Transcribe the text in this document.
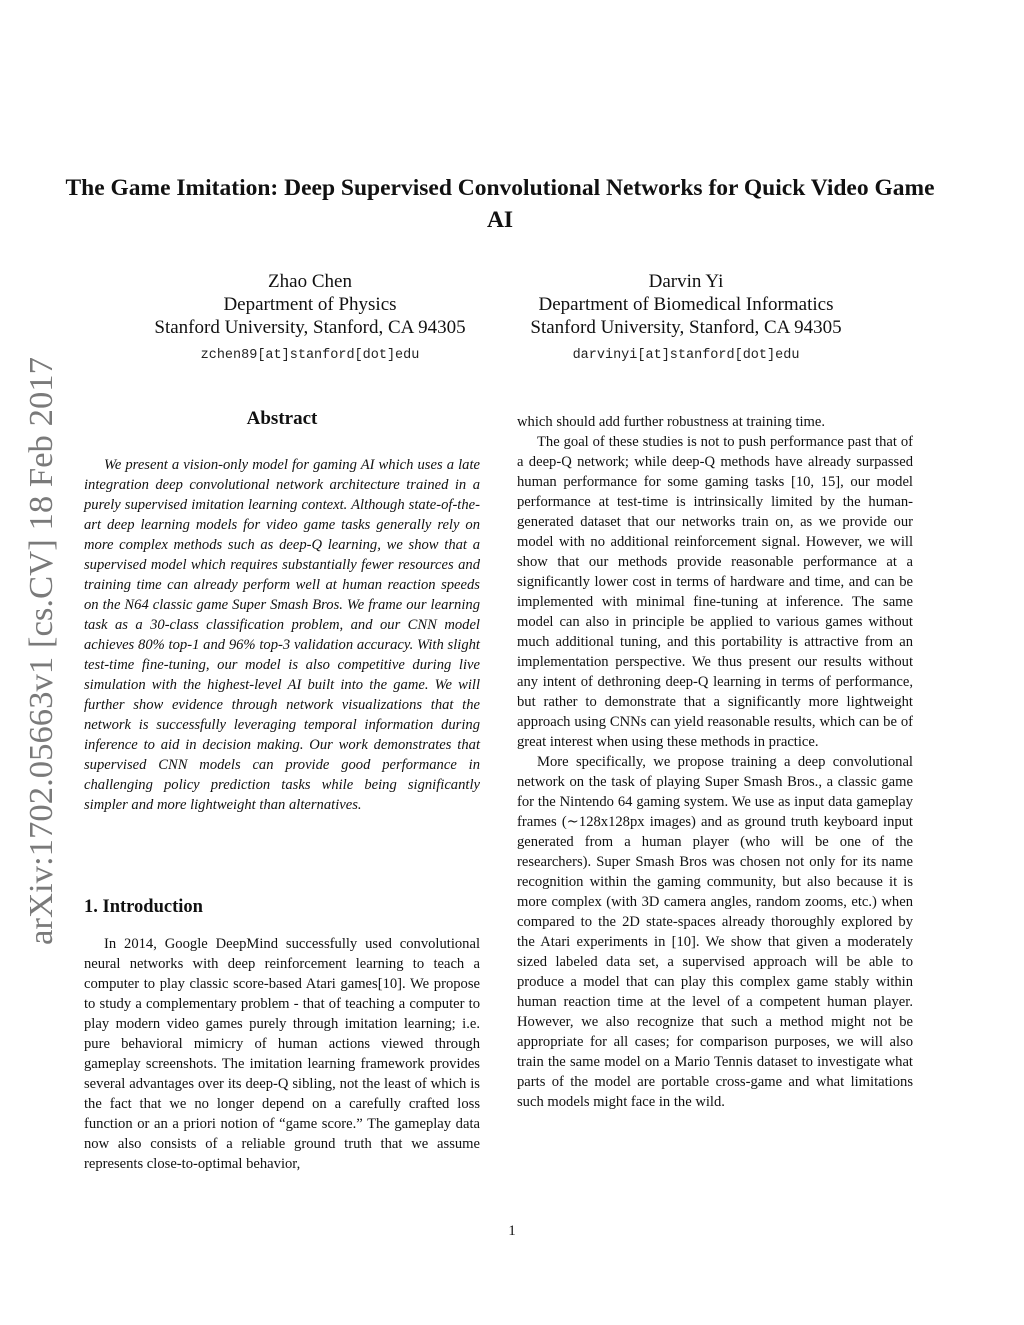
arXiv:1702.05663v1 [cs.CV] 18 Feb 2017
The Game Imitation: Deep Supervised Convolutional Networks for Quick Video Game AI
Zhao Chen
Department of Physics
Stanford University, Stanford, CA 94305
zchen89[at]stanford[dot]edu
Darvin Yi
Department of Biomedical Informatics
Stanford University, Stanford, CA 94305
darvinyi[at]stanford[dot]edu
Abstract

We present a vision-only model for gaming AI which uses a late integration deep convolutional network architecture trained in a purely supervised imitation learning context. Although state-of-the-art deep learning models for video game tasks generally rely on more complex methods such as deep-Q learning, we show that a supervised model which requires substantially fewer resources and training time can already perform well at human reaction speeds on the N64 classic game Super Smash Bros. We frame our learning task as a 30-class classification problem, and our CNN model achieves 80% top-1 and 96% top-3 validation accuracy. With slight test-time fine-tuning, our model is also competitive during live simulation with the highest-level AI built into the game. We will further show evidence through network visualizations that the network is successfully leveraging temporal information during inference to aid in decision making. Our work demonstrates that supervised CNN models can provide good performance in challenging policy prediction tasks while being significantly simpler and more lightweight than alternatives.

1. Introduction

In 2014, Google DeepMind successfully used convolutional neural networks with deep reinforcement learning to teach a computer to play classic score-based Atari games[10]. We propose to study a complementary problem - that of teaching a computer to play modern video games purely through imitation learning; i.e. pure behavioral mimicry of human actions viewed through gameplay screenshots. The imitation learning framework provides several advantages over its deep-Q sibling, not the least of which is the fact that we no longer depend on a carefully crafted loss function or an a priori notion of “game score.” The gameplay data now also consists of a reliable ground truth that we assume represents close-to-optimal behavior,

which should add further robustness at training time.

The goal of these studies is not to push performance past that of a deep-Q network; while deep-Q methods have already surpassed human performance for some gaming tasks [10, 15], our model performance at test-time is intrinsically limited by the human-generated dataset that our networks train on, as we provide our model with no additional reinforcement signal. However, we will show that our methods provide reasonable performance at a significantly lower cost in terms of hardware and time, and can be implemented with minimal fine-tuning at inference. The same model can also in principle be applied to various games without much additional tuning, and this portability is attractive from an implementation perspective. We thus present our results without any intent of dethroning deep-Q learning in terms of performance, but rather to demonstrate that a significantly more lightweight approach using CNNs can yield reasonable results, which can be of great interest when using these methods in practice.

More specifically, we propose training a deep convolutional network on the task of playing Super Smash Bros., a classic game for the Nintendo 64 gaming system. We use as input data gameplay frames (∼128x128px images) and as ground truth keyboard input generated from a human player (who will be one of the researchers). Super Smash Bros was chosen not only for its name recognition within the gaming community, but also because it is more complex (with 3D camera angles, random zooms, etc.) when compared to the 2D state-spaces already thoroughly explored by the Atari experiments in [10]. We show that given a moderately sized labeled data set, a supervised approach will be able to produce a model that can play this complex game stably within human reaction time at the level of a competent human player. However, we also recognize that such a method might not be appropriate for all cases; for comparison purposes, we will also train the same model on a Mario Tennis dataset to investigate what parts of the model are portable cross-game and what limitations such models might face in the wild.

1
